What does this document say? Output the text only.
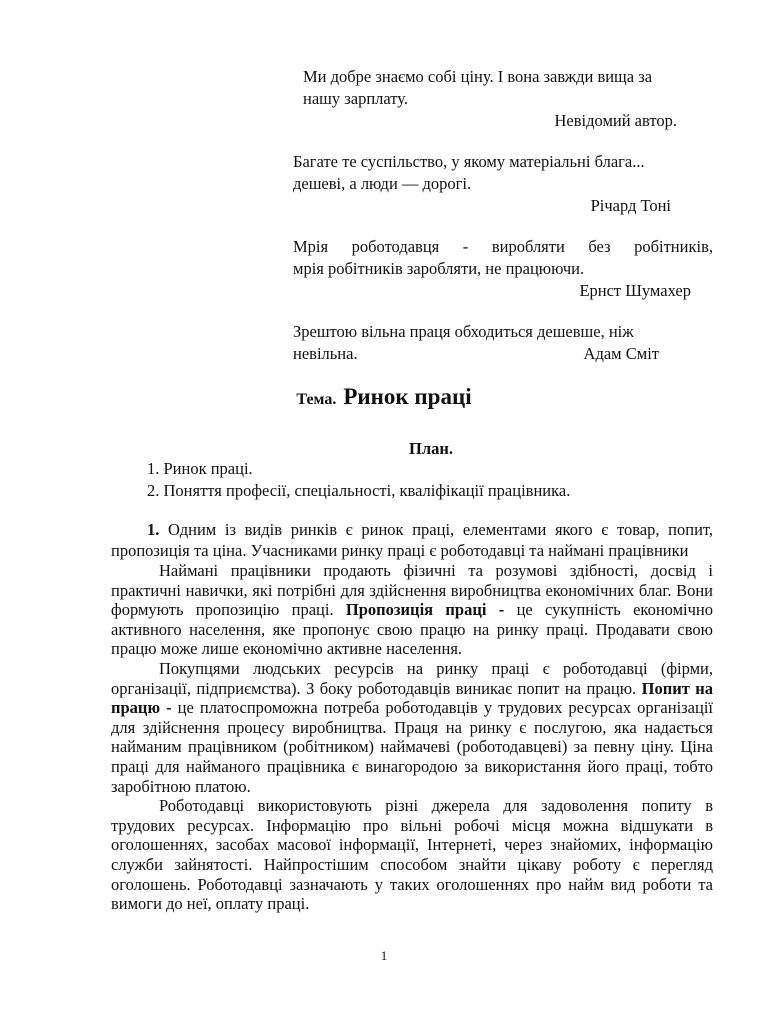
Ми добре знаємо собі ціну. І вона завжди вища за
нашу зарплату.
Невідомий автор.
Багате те суспільство, у якому матеріальні блага...
дешеві, а люди — дорогі.
Річард Тоні
Мрія роботодавця - виробляти без робітників,
мрія робітників заробляти, не працюючи.
Ернст Шумахер
Зрештою вільна праця обходиться дешевше, ніж
невільна.	Адам Сміт
Тема. Ринок праці
План.
1. Ринок праці.
2. Поняття професії, спеціальності, кваліфікації працівника.

1. Одним із видів ринків є ринок праці, елементами якого є товар, попит, пропозиція та ціна. Учасниками ринку праці є роботодавці та наймані працівники

Наймані працівники продають фізичні та розумові здібності, досвід і практичні навички, які потрібні для здійснення виробництва економічних благ. Вони формують пропозицію праці. Пропозиція праці - це сукупність економічно активного населення, яке пропонує свою працю на ринку праці. Продавати свою працю може лише економічно активне населення.

Покупцями людських ресурсів на ринку праці є роботодавці (фірми, організації, підприємства). З боку роботодавців виникає попит на працю. Попит на працю - це платоспроможна потреба роботодавців у трудових ресурсах організації для здійснення процесу виробництва. Праця на ринку є послугою, яка надається найманим працівником (робітником) наймачеві (роботодавцеві) за певну ціну. Ціна праці для найманого працівника є винагородою за використання його праці, тобто заробітною платою.

Роботодавці використовують різні джерела для задоволення попиту в трудових ресурсах. Інформацію про вільні робочі місця можна відшукати в оголошеннях, засобах масової інформації, Інтернеті, через знайомих, інформацію служби зайнятості. Найпростішим способом знайти цікаву роботу є перегляд оголошень. Роботодавці зазначають у таких оголошеннях про найм вид роботи та вимоги до неї, оплату праці.

1
